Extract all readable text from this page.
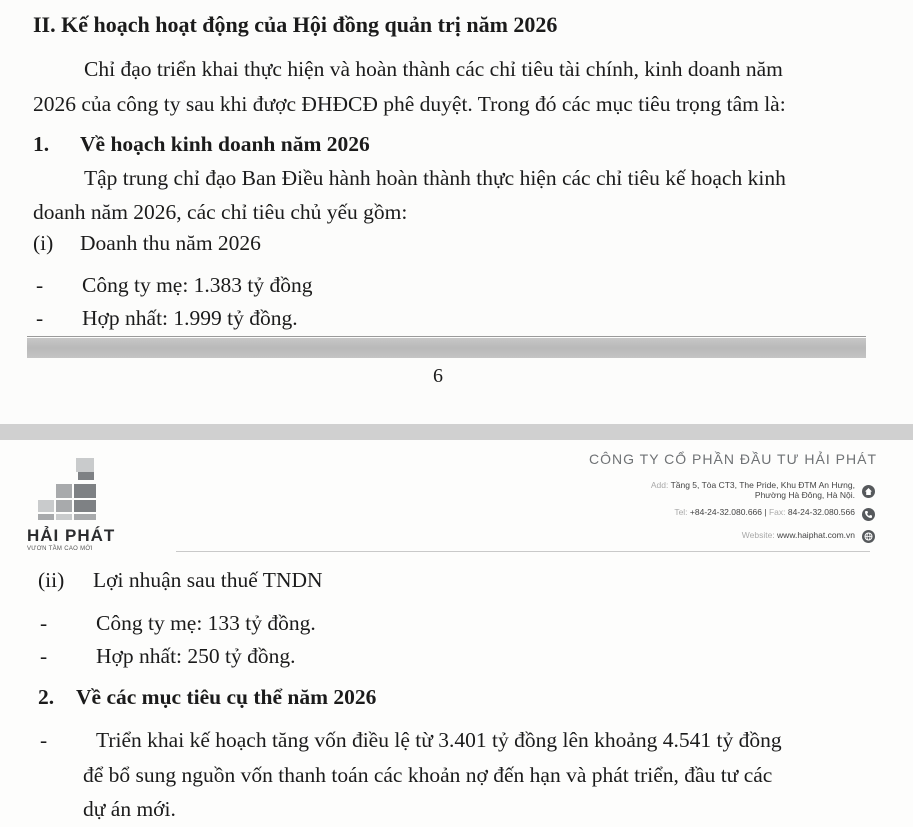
II. Kế hoạch hoạt động của Hội đồng quản trị năm 2026
Chỉ đạo triển khai thực hiện và hoàn thành các chỉ tiêu tài chính, kinh doanh năm
2026 của công ty sau khi được ĐHĐCĐ phê duyệt. Trong đó các mục tiêu trọng tâm là:
1. Về hoạch kinh doanh năm 2026
Tập trung chỉ đạo Ban Điều hành hoàn thành thực hiện các chỉ tiêu kế hoạch kinh
doanh năm 2026, các chỉ tiêu chủ yếu gồm:
(i) Doanh thu năm 2026
- Công ty mẹ: 1.383 tỷ đồng
- Hợp nhất: 1.999 tỷ đồng.
6
HẢI PHÁT
VƯƠN TẦM CAO MỚI
CÔNG TY CỔ PHẦN ĐẦU TƯ HẢI PHÁT
Add: Tầng 5, Tòa CT3, The Pride, Khu ĐTM An Hưng,
Phường Hà Đông, Hà Nội.
Tel: +84-24-32.080.666 | Fax: 84-24-32.080.566
Website: www.haiphat.com.vn
(ii) Lợi nhuận sau thuế TNDN
- Công ty mẹ: 133 tỷ đồng.
- Hợp nhất: 250 tỷ đồng.
2. Về các mục tiêu cụ thể năm 2026
- Triển khai kế hoạch tăng vốn điều lệ từ 3.401 tỷ đồng lên khoảng 4.541 tỷ đồng
để bổ sung nguồn vốn thanh toán các khoản nợ đến hạn và phát triển, đầu tư các
dự án mới.
